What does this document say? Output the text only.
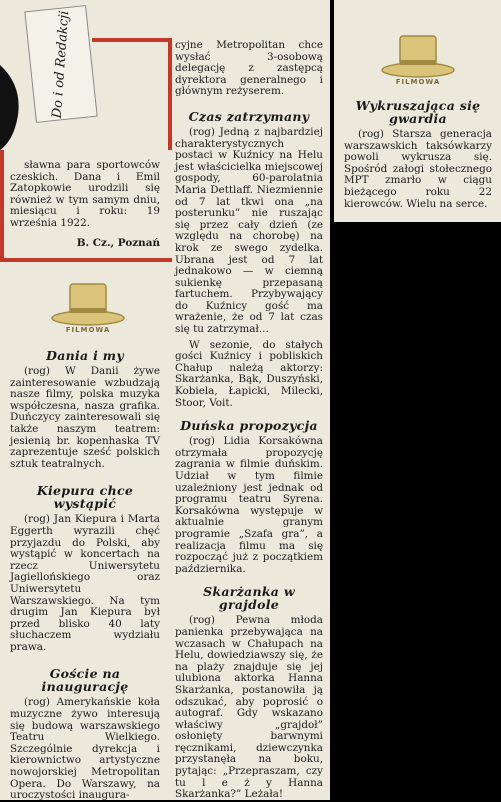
Do i od Redakcji

sławna para sportowców czeskich. Dana i Emil Zatopkowie urodzili się również w tym samym dniu, miesiącu i roku: 19 września 1922.

B. Cz., Poznań

FILMOWA
Dania i my

(rog) W Danii żywe zainteresowanie wzbudzają nasze filmy, polska muzyka współczesna, nasza grafika. Duńczycy zainteresowali się także naszym teatrem: jesienią br. kopenhaska TV zaprezentuje sześć polskich sztuk teatralnych.

Kiepura chce wystąpić

(rog) Jan Kiepura i Marta Eggerth wyrazili chęć przyjazdu do Polski, aby wystąpić w koncertach na rzecz Uniwersytetu Jagiellońskiego oraz Uniwersytetu Warszawskiego. Na tym drugim Jan Kiepura był przed blisko 40 laty słuchaczem wydziału prawa.

Goście na inaugurację

(rog) Amerykańskie koła muzyczne żywo interesują się budową warszawskiego Teatru Wielkiego. Szczególnie dyrekcja i kierownictwo artystyczne nowojorskiej Metropolitan Opera. Do Warszawy, na uroczystości inaugura-

cyjne Metropolitan chce wysłać 3-osobową delegację z zastępcą dyrektora generalnego i głównym reżyserem.

Czas zatrzymany

(rog) Jedną z najbardziej charakterystycznych postaci w Kuźnicy na Helu jest właścicielka miejscowej gospody, 60-parolatnia Maria Dettlaff. Niezmiennie od 7 lat tkwi ona „na posterunku” nie ruszając się przez cały dzień (ze względu na chorobę) na krok ze swego zydelka. Ubrana jest od 7 lat jednakowo — w ciemną sukienkę przepasaną fartuchem. Przybywający do Kuźnicy gość ma wrażenie, że od 7 lat czas się tu zatrzymał...

W sezonie, do stałych gości Kuźnicy i pobliskich Chałup należą aktorzy: Skarżanka, Bąk, Duszyński, Kobiela, Łapicki, Milecki, Stoor, Voit.

Duńska propozycja

(rog) Lidia Korsakówna otrzymała propozycję zagrania w filmie duńskim. Udział w tym filmie uzależniony jest jednak od programu teatru Syrena. Korsakówna występuje w aktualnie granym programie „Szafa gra”, a realizacja filmu ma się rozpocząć już z początkiem października.

Skarżanka w grajdole

(rog) Pewna młoda panienka przebywająca na wczasach w Chałupach na Helu, dowiedziawszy się, że na plaży znajduje się jej ulubiona aktorka Hanna Skarżanka, postanowiła ją odszukać, aby poprosić o autograf. Gdy wskazano właściwy „grajdoł” osłonięty barwnymi ręcznikami, dziewczynka przystanęła na boku, pytając: „Przepraszam, czy tu l e ż y Hanna Skarżanka?” Leżała!

FILMOWA
Wykruszająca się gwardia

(rog) Starsza generacja warszawskich taksówkarzy powoli wykrusza się. Spośród załogi stołecznego MPT zmarło w ciągu bieżącego roku 22 kierowców. Wielu na serce.
